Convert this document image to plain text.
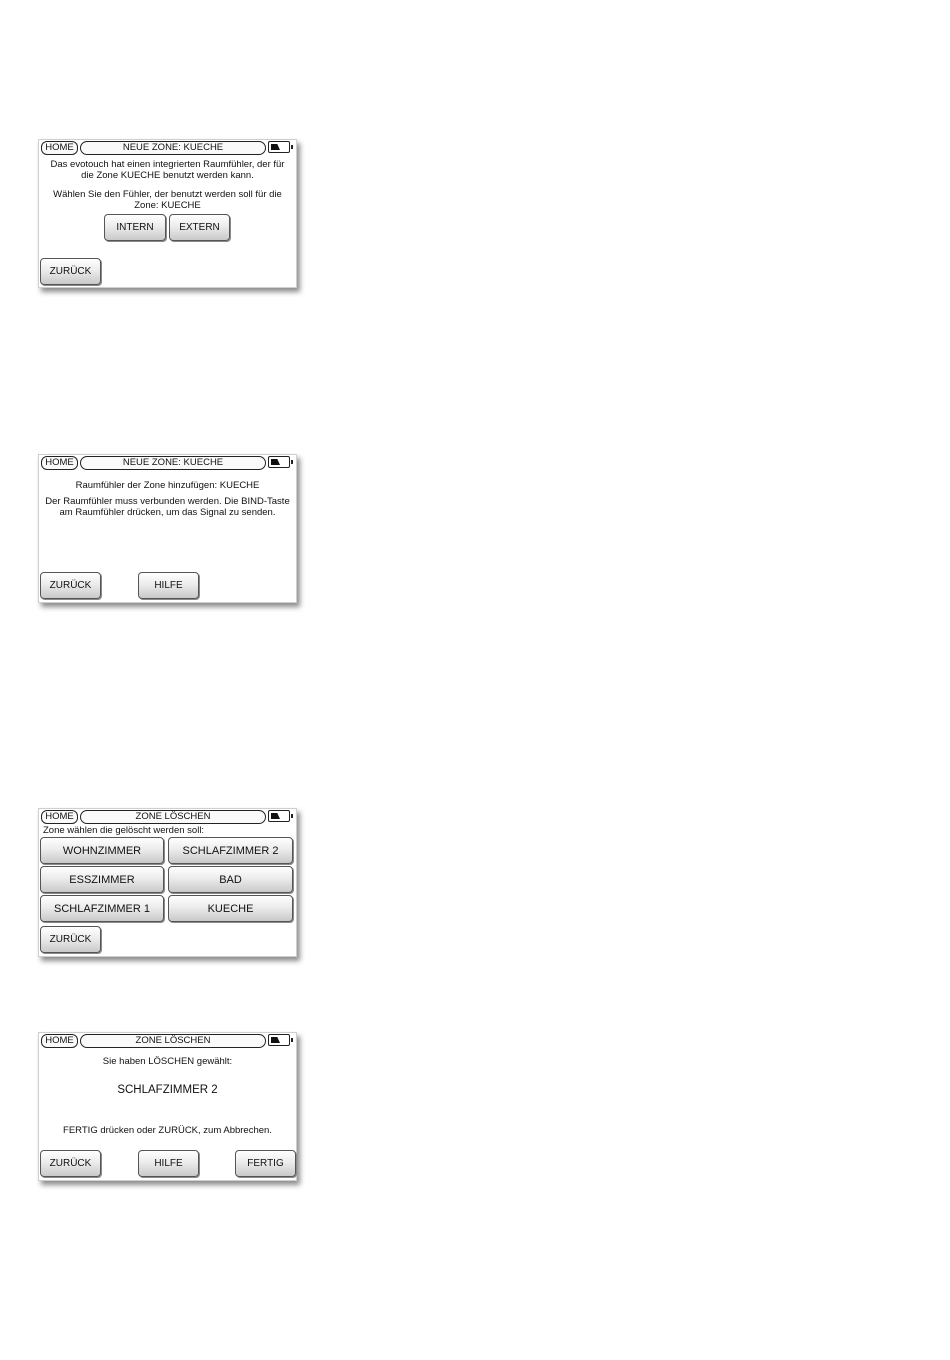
HOME	NEUE ZONE: KUECHE
Das evotouch hat einen integrierten Raumfühler, der für
die Zone KUECHE benutzt werden kann.
Wählen Sie den Fühler, der benutzt werden soll für die
Zone: KUECHE
INTERN	EXTERN
ZURÜCK
HOME	NEUE ZONE: KUECHE
Raumfühler der Zone hinzufügen: KUECHE
Der Raumfühler muss verbunden werden. Die BIND-Taste
am Raumfühler drücken, um das Signal zu senden.
ZURÜCK	HILFE
HOME	ZONE LÖSCHEN
Zone wählen die gelöscht werden soll:
WOHNZIMMER	SCHLAFZIMMER 2
ESSZIMMER	BAD
SCHLAFZIMMER 1	KUECHE
ZURÜCK
HOME	ZONE LÖSCHEN
Sie haben LÖSCHEN gewählt:
SCHLAFZIMMER 2
FERTIG drücken oder ZURÜCK, zum Abbrechen.
ZURÜCK	HILFE	FERTIG
